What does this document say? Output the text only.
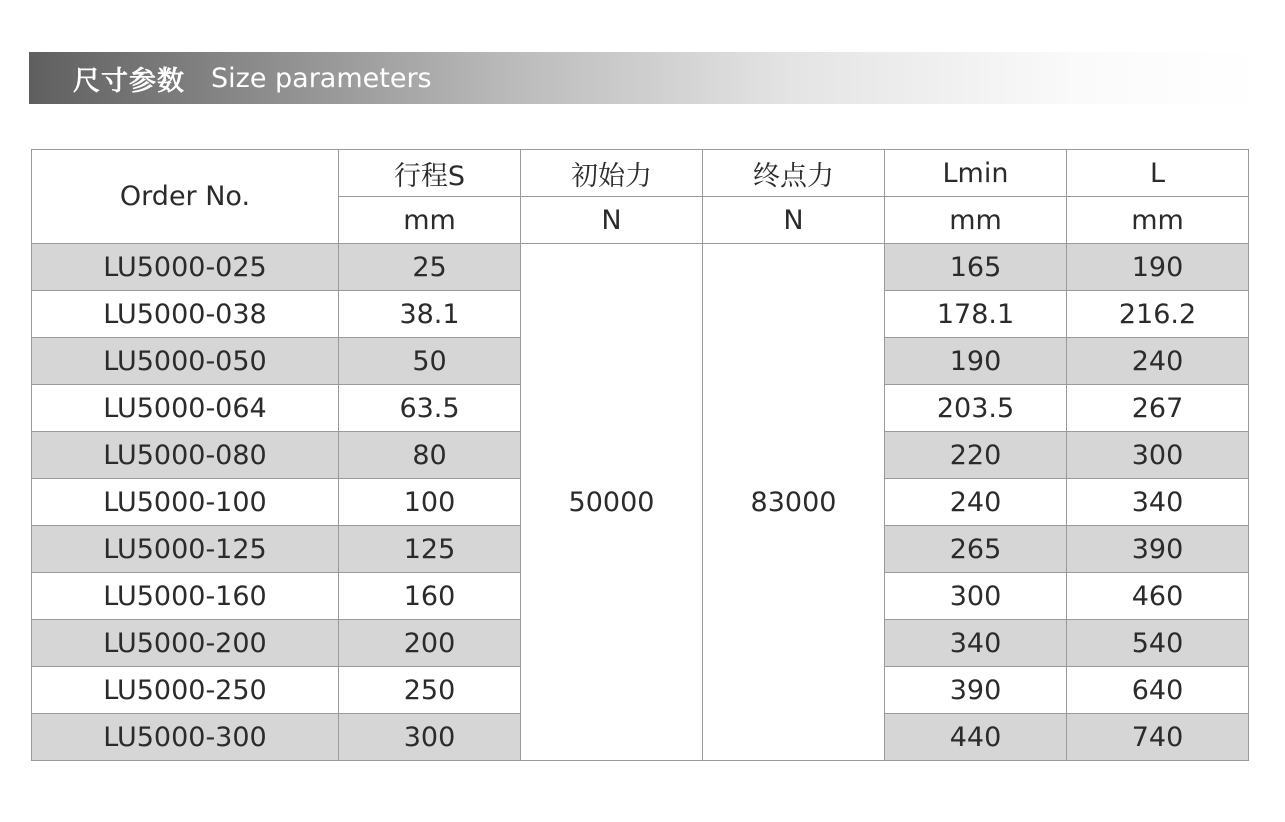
尺寸参数 Size parameters
Order No.	行程S	初始力	终点力	Lmin	L
	mm	N	N	mm	mm
LU5000-025	25	50000	83000	165	190
LU5000-038	38.1			178.1	216.2
LU5000-050	50			190	240
LU5000-064	63.5			203.5	267
LU5000-080	80			220	300
LU5000-100	100			240	340
LU5000-125	125			265	390
LU5000-160	160			300	460
LU5000-200	200			340	540
LU5000-250	250			390	640
LU5000-300	300			440	740
